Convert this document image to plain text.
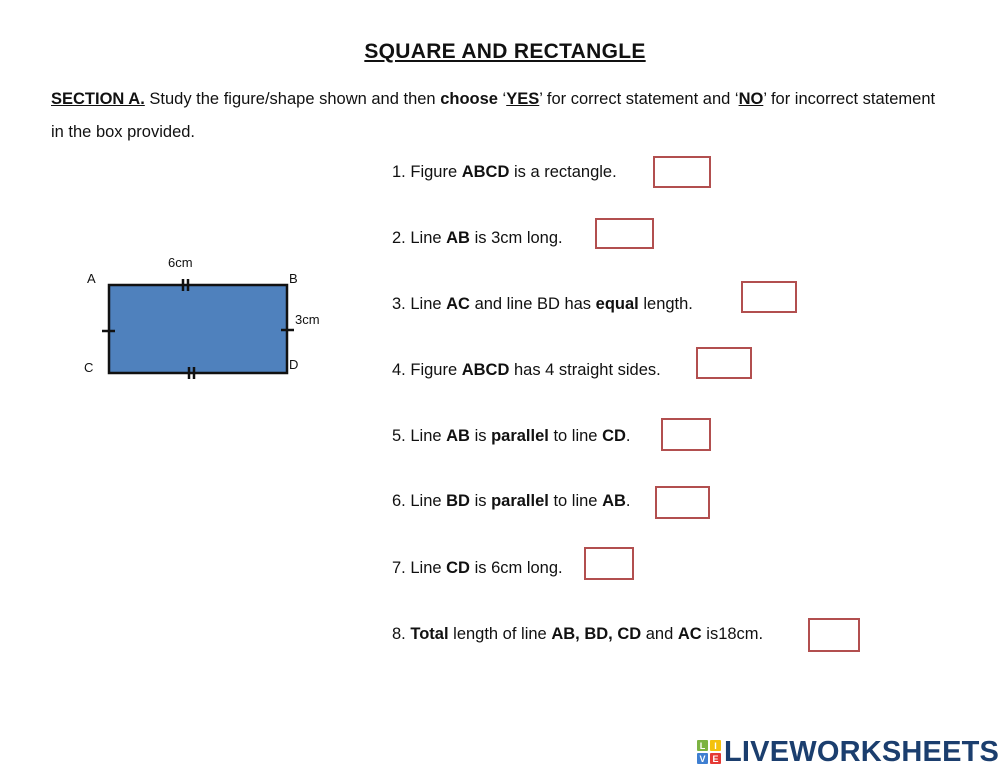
SQUARE AND RECTANGLE
SECTION A. Study the figure/shape shown and then choose ‘YES’ for correct statement and ‘NO’ for incorrect statement in the box provided.
6cm
3cm
A	B
C	D
1. Figure ABCD is a rectangle.
2. Line AB is 3cm long.
3. Line AC and line BD has equal length.
4. Figure ABCD has 4 straight sides.
5. Line AB is parallel to line CD.
6. Line BD is parallel to line AB.
7. Line CD is 6cm long.
8. Total length of line AB, BD, CD and AC is18cm.
L I
V E LIVEWORKSHEETS
